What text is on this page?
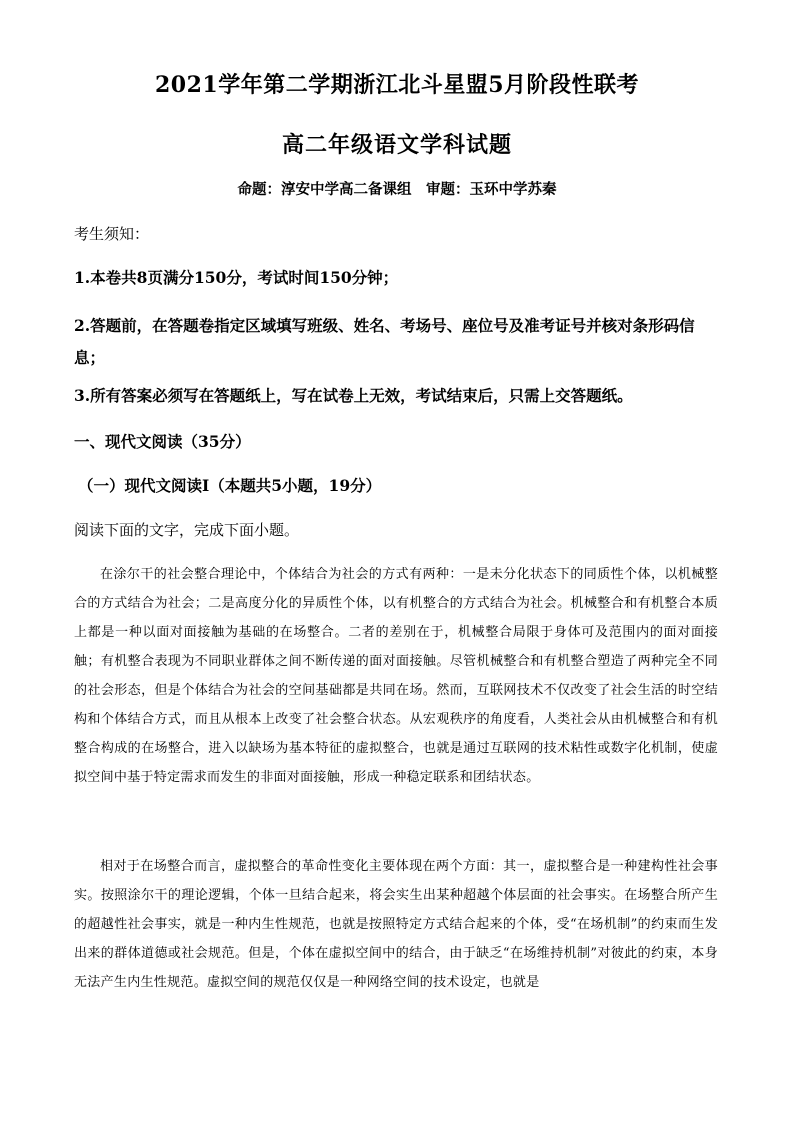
2021学年第二学期浙江北斗星盟5月阶段性联考
高二年级语文学科试题
命题：淳安中学高二备课组　审题：玉环中学苏秦
考生须知：
1.本卷共8页满分150分，考试时间150分钟；
2.答题前，在答题卷指定区域填写班级、姓名、考场号、座位号及准考证号并核对条形码信息；
3.所有答案必须写在答题纸上，写在试卷上无效，考试结束后，只需上交答题纸。
一、现代文阅读（35分）
（一）现代文阅读Ⅰ（本题共5小题，19分）
阅读下面的文字，完成下面小题。
在涂尔干的社会整合理论中，个体结合为社会的方式有两种：一是未分化状态下的同质性个体，以机械整合的方式结合为社会；二是高度分化的异质性个体，以有机整合的方式结合为社会。机械整合和有机整合本质上都是一种以面对面接触为基础的在场整合。二者的差别在于，机械整合局限于身体可及范围内的面对面接触；有机整合表现为不同职业群体之间不断传递的面对面接触。尽管机械整合和有机整合塑造了两种完全不同的社会形态，但是个体结合为社会的空间基础都是共同在场。然而，互联网技术不仅改变了社会生活的时空结构和个体结合方式，而且从根本上改变了社会整合状态。从宏观秩序的角度看，人类社会从由机械整合和有机整合构成的在场整合，进入以缺场为基本特征的虚拟整合，也就是通过互联网的技术粘性或数字化机制，使虚拟空间中基于特定需求而发生的非面对面接触，形成一种稳定联系和团结状态。
相对于在场整合而言，虚拟整合的革命性变化主要体现在两个方面：其一，虚拟整合是一种建构性社会事实。按照涂尔干的理论逻辑，个体一旦结合起来，将会实生出某种超越个体层面的社会事实。在场整合所产生的超越性社会事实，就是一种内生性规范，也就是按照特定方式结合起来的个体，受“在场机制”的约束而生发出来的群体道德或社会规范。但是，个体在虚拟空间中的结合，由于缺乏“在场维持机制”对彼此的约束，本身无法产生内生性规范。虚拟空间的规范仅仅是一种网络空间的技术设定，也就是
